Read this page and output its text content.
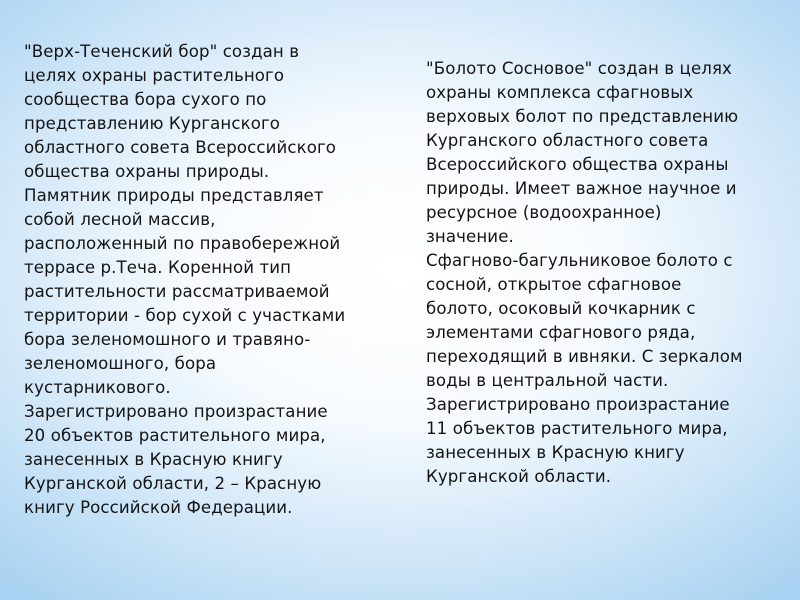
"Верх-Теченский бор" создан в

целях охраны растительного

сообщества бора сухого по

представлению Курганского

областного совета Всероссийского

общества охраны природы.

Памятник природы представляет

собой лесной массив,

расположенный по правобережной

террасе р.Теча. Коренной тип

растительности рассматриваемой

территории - бор сухой с участками

бора зеленомошного и травяно-

зеленомошного, бора

кустарникового.

Зарегистрировано произрастание

20 объектов растительного мира,

занесенных в Красную книгу

Курганской области, 2 – Красную

книгу Российской Федерации.

"Болото Сосновое" создан в целях

охраны комплекса сфагновых

верховых болот по представлению

Курганского областного совета

Всероссийского общества охраны

природы. Имеет важное научное и

ресурсное (водоохранное)

значение.

Сфагново-багульниковое болото с

сосной, открытое сфагновое

болото, осоковый кочкарник с

элементами сфагнового ряда,

переходящий в ивняки. С зеркалом

воды в центральной части.

Зарегистрировано произрастание

11 объектов растительного мира,

занесенных в Красную книгу

Курганской области.
